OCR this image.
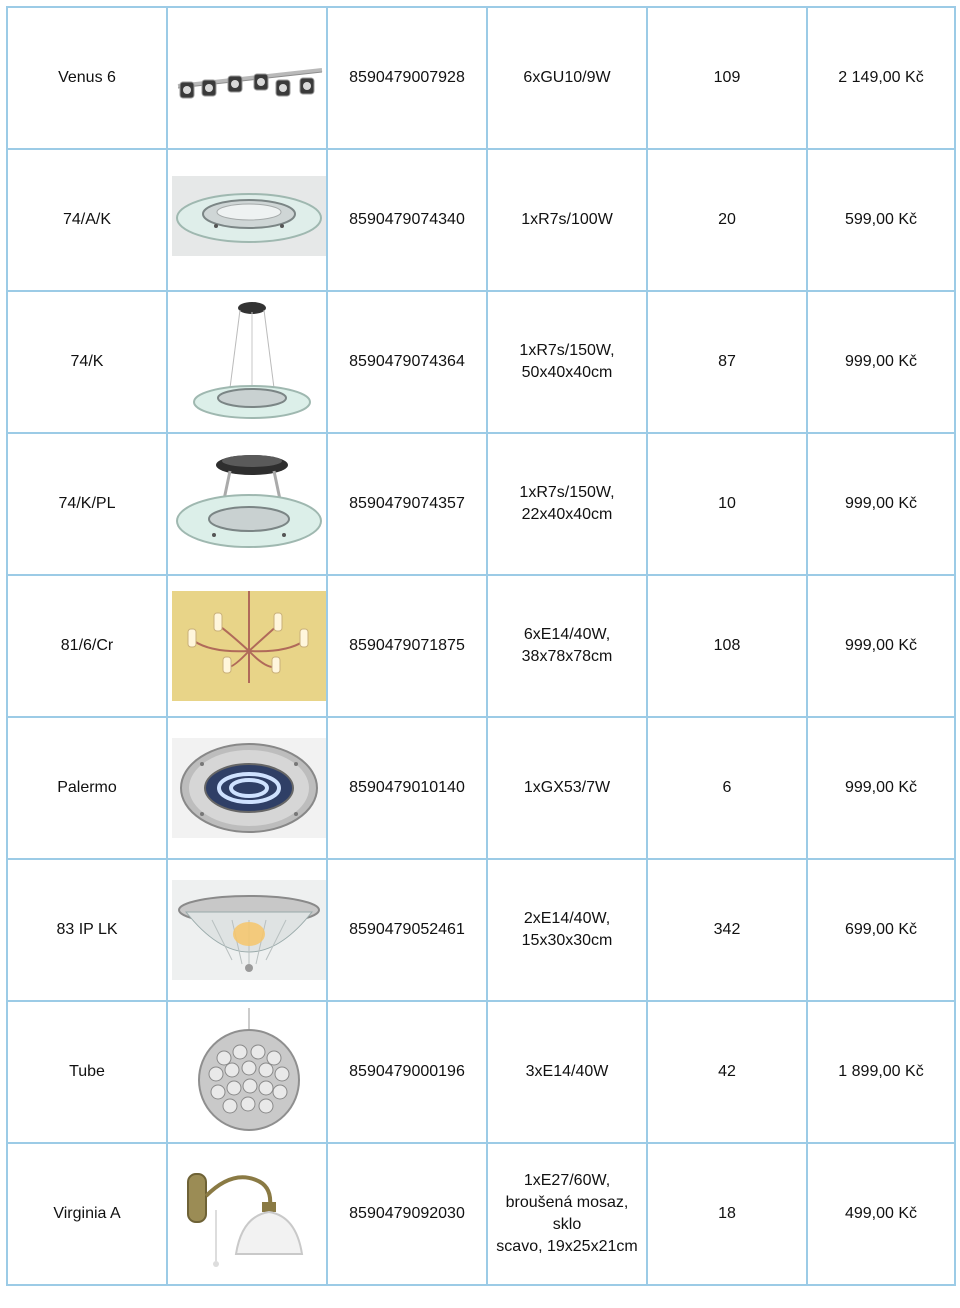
Venus 6		8590479007928	6xGU10/9W	109	2 149,00 Kč
74/A/K		8590479074340	1xR7s/100W	20	599,00 Kč
74/K		8590479074364	1xR7s/150W,
50x40x40cm	87	999,00 Kč
74/K/PL		8590479074357	1xR7s/150W,
22x40x40cm	10	999,00 Kč
81/6/Cr		8590479071875	6xE14/40W,
38x78x78cm	108	999,00 Kč
Palermo		8590479010140	1xGX53/7W	6	999,00 Kč
83 IP LK		8590479052461	2xE14/40W,
15x30x30cm	342	699,00 Kč
Tube		8590479000196	3xE14/40W	42	1 899,00 Kč
Virginia A		8590479092030	1xE27/60W,
broušená mosaz, sklo
scavo, 19x25x21cm	18	499,00 Kč
